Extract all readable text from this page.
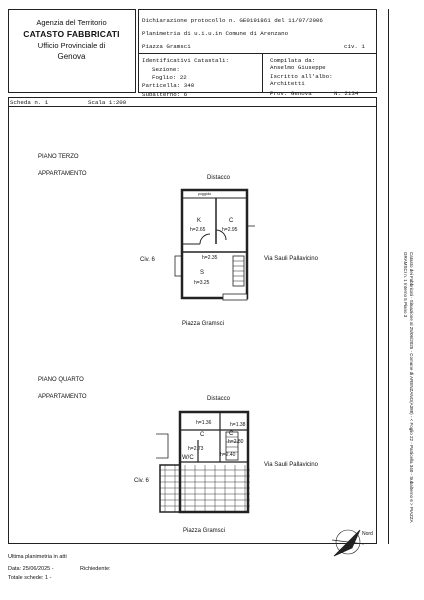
Agenzia del Territorio
CATASTO FABBRICATI
Ufficio Provinciale di
Genova
Dichiarazione protocollo n. GE0191861 del 11/07/2006
Planimetria di u.i.u.in Comune di Arenzano
Piazza Gramsci	civ. 1
Identificativi Catastali:
Sezione:
Foglio: 22
Particella: 340
Subalterno: 6
Compilata da:
Anselmo Giuseppe
Iscritto all'albo:
Architetti
Prov. Genova	N. 2134
Scheda n. 1	Scala 1:200
PIANO TERZO
APPARTAMENTO
PIANO QUARTO
APPARTAMENTO
Distacco
poggiolo
K
h=2.65
C
h=2.95
h=2.35
S
h=3.25
Civ. 6	Via Sauli Pallavicino
Piazza Gramsci
Distacco
h=1.36
C
h=1.38
C
h=2.80
h=2.73
W/C	h=2.40
Civ. 6
Via Sauli Pallavicino
Piazza Gramsci	Nord
Catasto dei Fabbricati - Situazione al 25/06/2025 - Comune di ARENZANO(A388) - < Foglio 22 - Particella 340 - Subalterno 6 > PIAZZA GRAMSCI n. 1 Interno 5 Piano 3
Ultima planimetria in atti
Data: 25/06/2025 -	Richiedente:
Totale schede: 1 -
